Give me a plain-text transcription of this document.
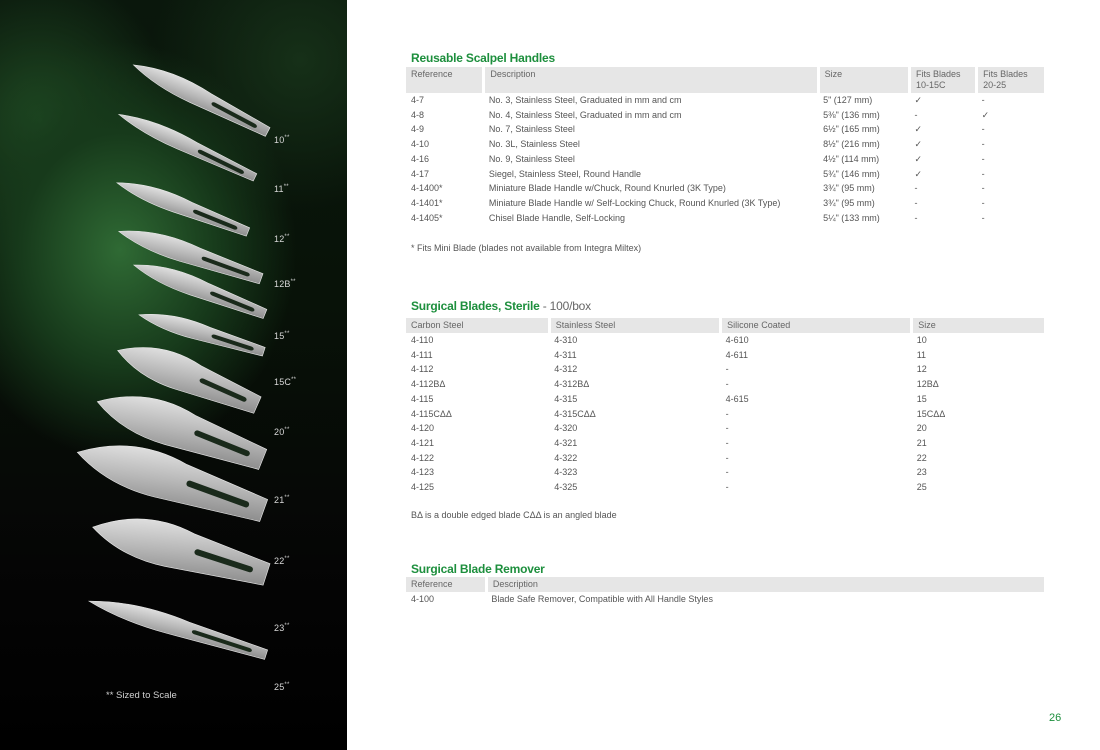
10**
11**
12**
12B**
15**
15C**
20**
21**
22**
23**
25**
** Sized to Scale
Reusable Scalpel Handles
Reference	Description	Size	Fits Blades 10-15C	Fits Blades 20-25
4-7	No. 3, Stainless Steel, Graduated in mm and cm	5" (127 mm)	✓	-
4-8	No. 4, Stainless Steel, Graduated in mm and cm	5⅜" (136 mm)	-	✓
4-9	No. 7, Stainless Steel	6½" (165 mm)	✓	-
4-10	No. 3L, Stainless Steel	8½" (216 mm)	✓	-
4-16	No. 9, Stainless Steel	4½" (114 mm)	✓	-
4-17	Siegel, Stainless Steel, Round Handle	5¾" (146 mm)	✓	-
4-1400*	Miniature Blade Handle w/Chuck, Round Knurled (3K Type)	3¾" (95 mm)	-	-
4-1401*	Miniature Blade Handle w/ Self-Locking Chuck, Round Knurled (3K Type)	3¾" (95 mm)	-	-
4-1405*	Chisel Blade Handle, Self-Locking	5¼" (133 mm)	-	-
* Fits Mini Blade (blades not available from Integra Miltex)
Surgical Blades, Sterile - 100/box
Carbon Steel	Stainless Steel	Silicone Coated	Size
4-110	4-310	4-610	10
4-111	4-311	4-611	11
4-112	4-312	-	12
4-112BΔ	4-312BΔ	-	12BΔ
4-115	4-315	4-615	15
4-115CΔΔ	4-315CΔΔ	-	15CΔΔ
4-120	4-320	-	20
4-121	4-321	-	21
4-122	4-322	-	22
4-123	4-323	-	23
4-125	4-325	-	25
BΔ is a double edged blade CΔΔ is an angled blade
Surgical Blade Remover
Reference	Description
4-100	Blade Safe Remover, Compatible with All Handle Styles
26
